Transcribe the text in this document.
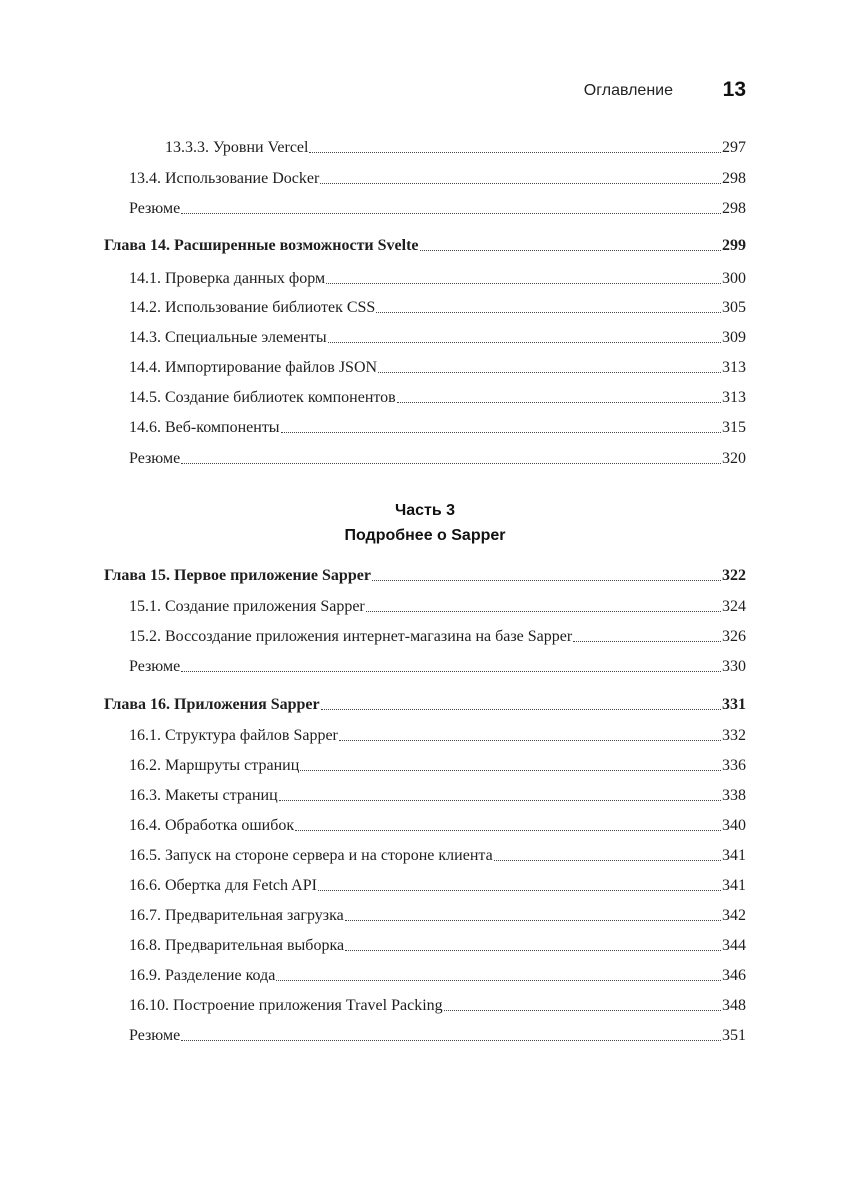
Оглавление 13
13.3.3. Уровни Vercel	297
13.4. Использование Docker	298
Резюме	298
Глава 14. Расширенные возможности Svelte	299
14.1. Проверка данных форм	300
14.2. Использование библиотек CSS	305
14.3. Специальные элементы	309
14.4. Импортирование файлов JSON	313
14.5. Создание библиотек компонентов	313
14.6. Веб-компоненты	315
Резюме	320
Глава 15. Первое приложение Sapper	322
15.1. Создание приложения Sapper	324
15.2. Воссоздание приложения интернет-магазина на базе Sapper	326
Резюме	330
Глава 16. Приложения Sapper	331
16.1. Структура файлов Sapper	332
16.2. Маршруты страниц	336
16.3. Макеты страниц	338
16.4. Обработка ошибок	340
16.5. Запуск на стороне сервера и на стороне клиента	341
16.6. Обертка для Fetch API	341
16.7. Предварительная загрузка	342
16.8. Предварительная выборка	344
16.9. Разделение кода	346
16.10. Построение приложения Travel Packing	348
Резюме	351
Часть 3
Подробнее о Sapper
